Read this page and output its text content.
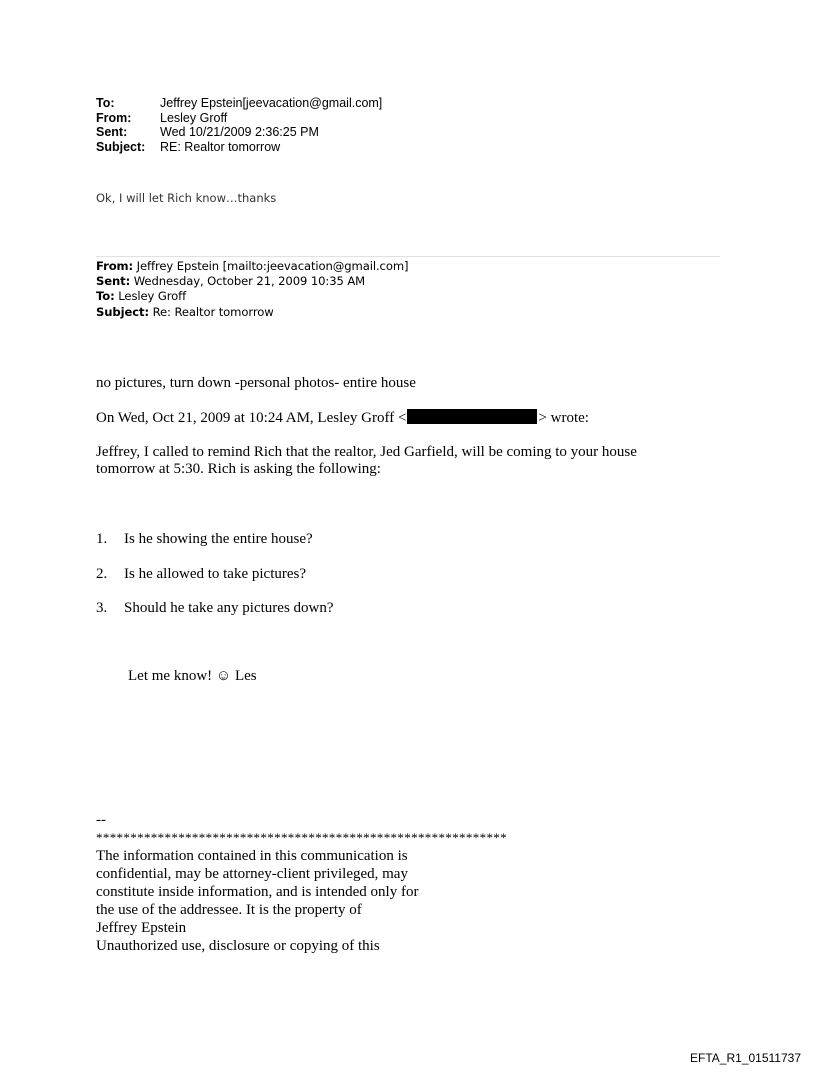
To:	Jeffrey Epstein[jeevacation@gmail.com]
From:	Lesley Groff
Sent:	Wed 10/21/2009 2:36:25 PM
Subject:	RE: Realtor tomorrow
Ok, I will let Rich know…thanks
From: Jeffrey Epstein [mailto:jeevacation@gmail.com]
Sent: Wednesday, October 21, 2009 10:35 AM
To: Lesley Groff
Subject: Re: Realtor tomorrow
no pictures, turn down -personal photos- entire house
On Wed, Oct 21, 2009 at 10:24 AM, Lesley Groff <	> wrote:
Jeffrey, I called to remind Rich that the realtor, Jed Garfield, will be coming to your house tomorrow at 5:30. Rich is asking the following:
1. Is he showing the entire house?
2. Is he allowed to take pictures?
3. Should he take any pictures down?
Let me know! ☺ Les
--
************************************************************
The information contained in this communication is
confidential, may be attorney-client privileged, may
constitute inside information, and is intended only for
the use of the addressee. It is the property of
Jeffrey Epstein
Unauthorized use, disclosure or copying of this
EFTA_R1_01511737
